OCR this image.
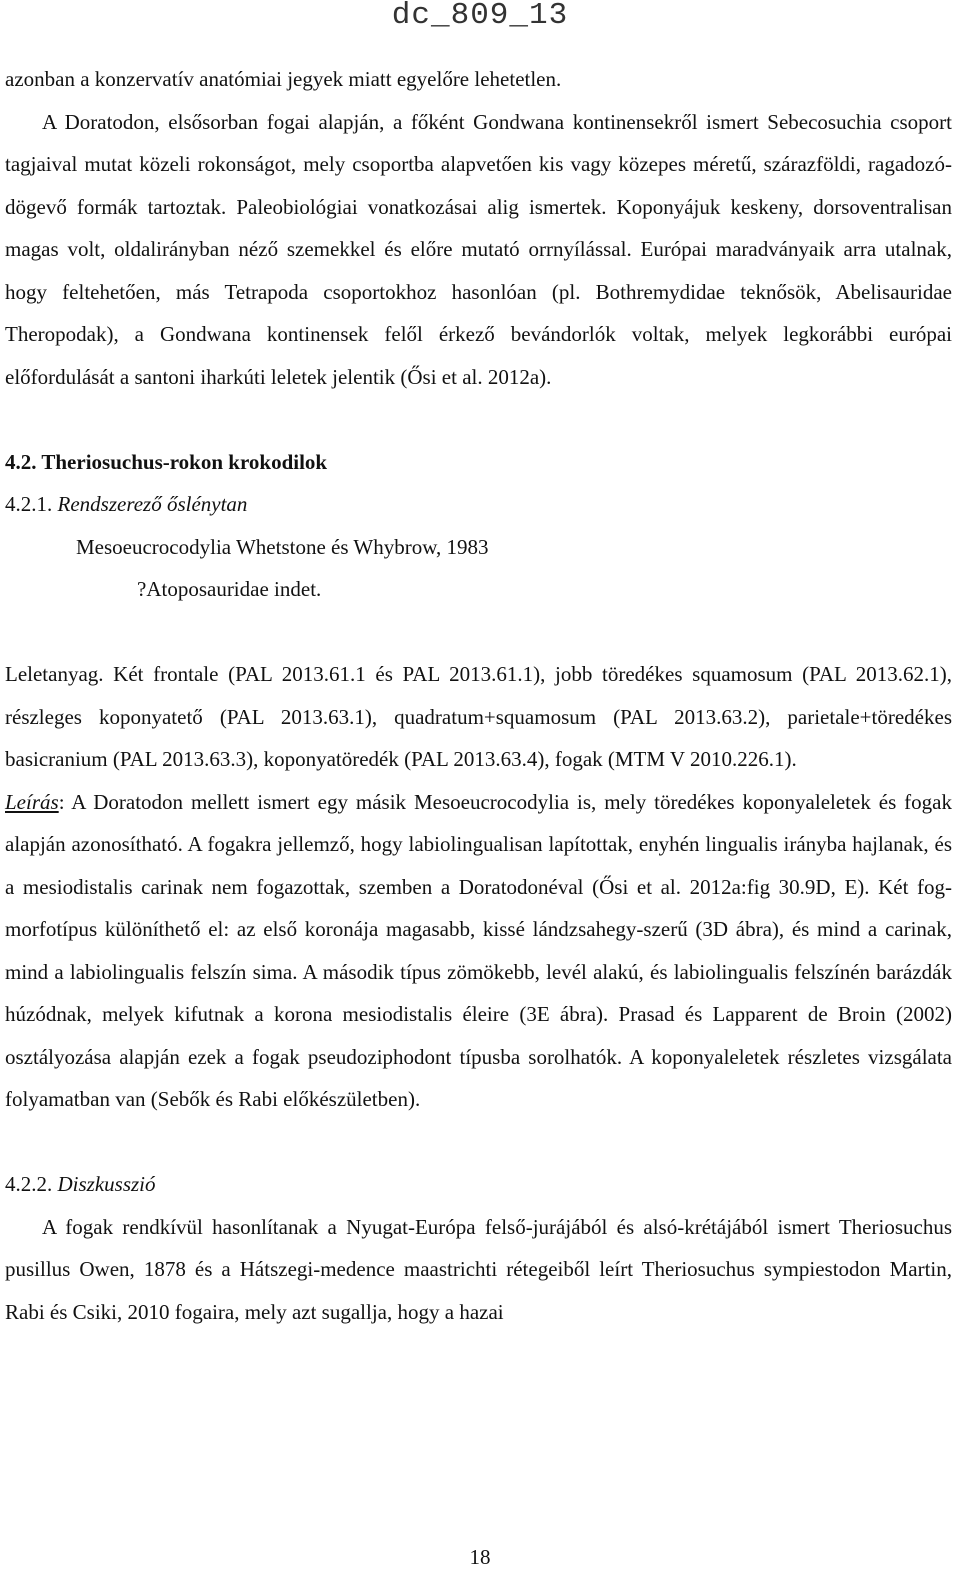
dc_809_13

azonban a konzervatív anatómiai jegyek miatt egyelőre lehetetlen.

A Doratodon, elsősorban fogai alapján, a főként Gondwana kontinensekről ismert Sebecosuchia csoport tagjaival mutat közeli rokonságot, mely csoportba alapvetően kis vagy közepes méretű, szárazföldi, ragadozó-dögevő formák tartoztak. Paleobiológiai vonatkozásai alig ismertek. Koponyájuk keskeny, dorsoventralisan magas volt, oldalirányban néző szemekkel és előre mutató orrnyílással. Európai maradványaik arra utalnak, hogy feltehetően, más Tetrapoda csoportokhoz hasonlóan (pl. Bothremydidae teknősök, Abelisauridae Theropodak), a Gondwana kontinensek felől érkező bevándorlók voltak, melyek legkorábbi európai előfordulását a santoni iharkúti leletek jelentik (Ősi et al. 2012a).

4.2. Theriosuchus-rokon krokodilok

4.2.1. Rendszerező őslénytan

Mesoeucrocodylia Whetstone és Whybrow, 1983

?Atoposauridae indet.

Leletanyag. Két frontale (PAL 2013.61.1 és PAL 2013.61.1), jobb töredékes squamosum (PAL 2013.62.1), részleges koponyatető (PAL 2013.63.1), quadratum+squamosum (PAL 2013.63.2), parietale+töredékes basicranium (PAL 2013.63.3), koponyatöredék (PAL 2013.63.4), fogak (MTM V 2010.226.1).

Leírás: A Doratodon mellett ismert egy másik Mesoeucrocodylia is, mely töredékes koponyaleletek és fogak alapján azonosítható. A fogakra jellemző, hogy labiolingualisan lapítottak, enyhén lingualis irányba hajlanak, és a mesiodistalis carinak nem fogazottak, szemben a Doratodonéval (Ősi et al. 2012a:fig 30.9D, E). Két fog-morfotípus különíthető el: az első koronája magasabb, kissé lándzsahegy-szerű (3D ábra), és mind a carinak, mind a labiolingualis felszín sima. A második típus zömökebb, levél alakú, és labiolingualis felszínén barázdák húzódnak, melyek kifutnak a korona mesiodistalis éleire (3E ábra). Prasad és Lapparent de Broin (2002) osztályozása alapján ezek a fogak pseudoziphodont típusba sorolhatók. A koponyaleletek részletes vizsgálata folyamatban van (Sebők és Rabi előkészületben).

4.2.2. Diszkusszió

A fogak rendkívül hasonlítanak a Nyugat-Európa felső-jurájából és alsó-krétájából ismert Theriosuchus pusillus Owen, 1878 és a Hátszegi-medence maastrichti rétegeiből leírt Theriosuchus sympiestodon Martin, Rabi és Csiki, 2010 fogaira, mely azt sugallja, hogy a hazai

18
